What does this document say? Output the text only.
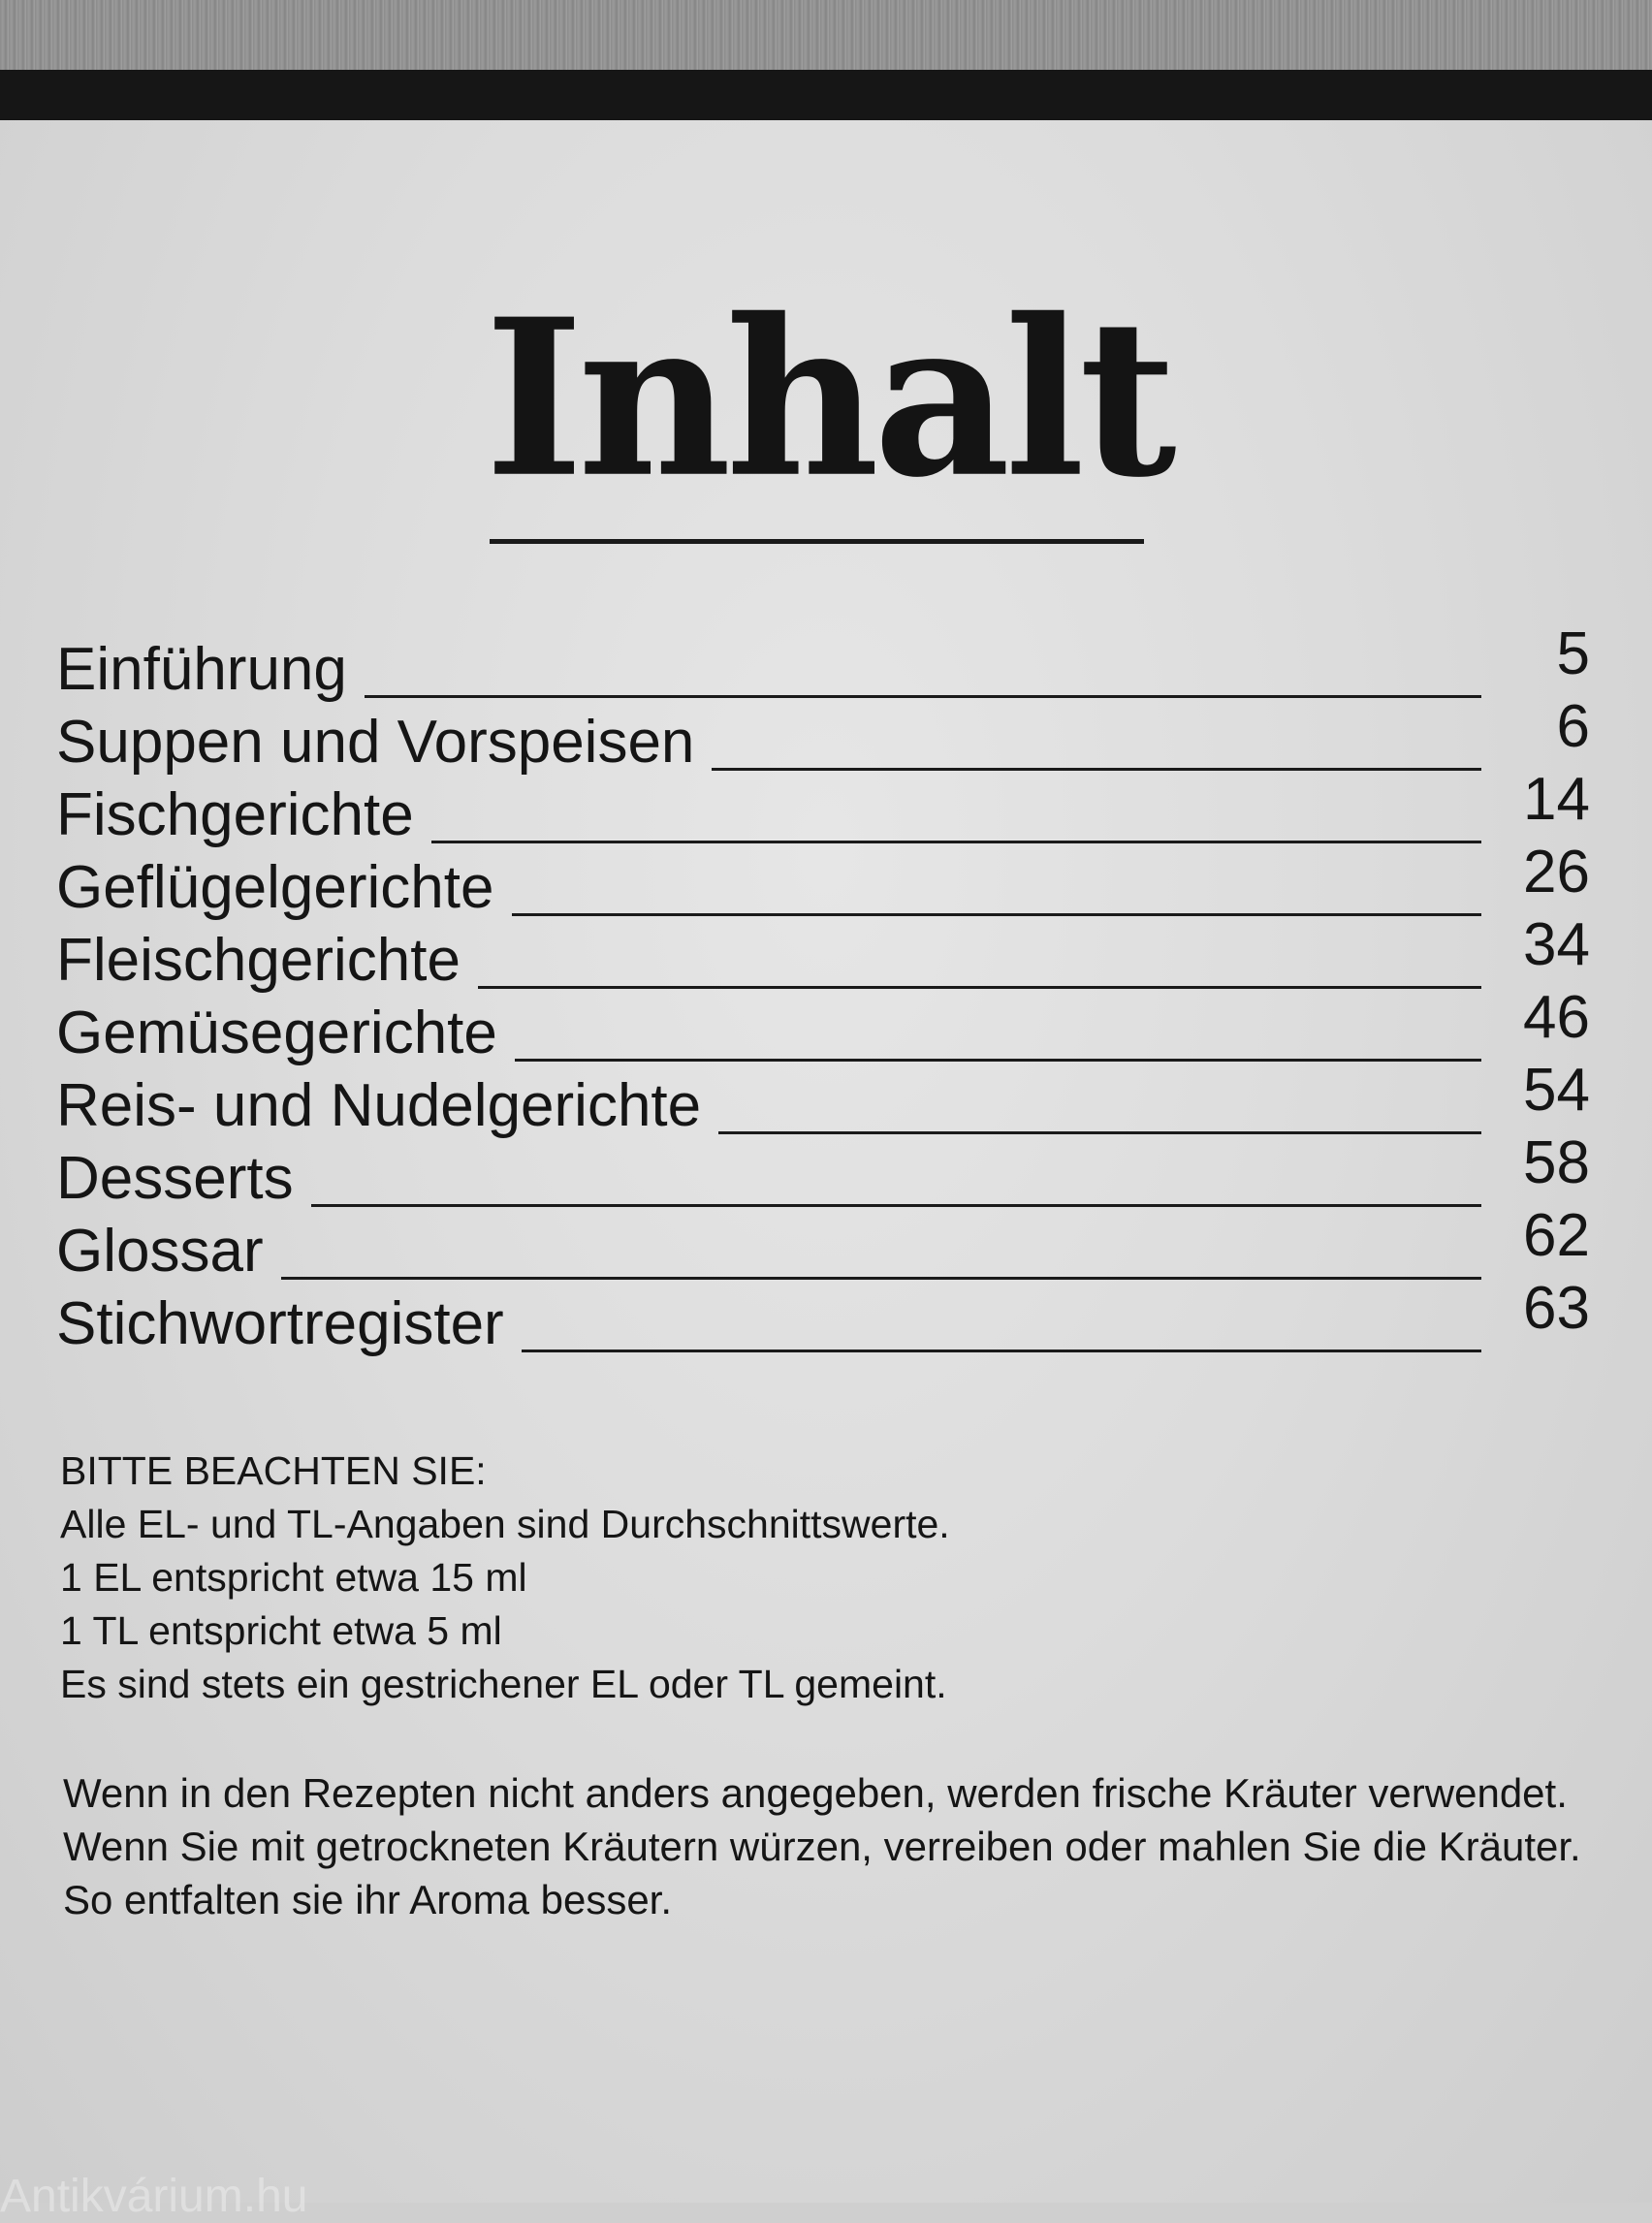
Inhalt
Einführung	5
Suppen und Vorspeisen	6
Fischgerichte	14
Geflügelgerichte	26
Fleischgerichte	34
Gemüsegerichte	46
Reis- und Nudelgerichte	54
Desserts	58
Glossar	62
Stichwortregister	63

BITTE BEACHTEN SIE:

Alle EL- und TL-Angaben sind Durchschnittswerte.

1 EL entspricht etwa 15 ml

1 TL entspricht etwa 5 ml

Es sind stets ein gestrichener EL oder TL gemeint.

Wenn in den Rezepten nicht anders angegeben, werden frische Kräuter verwendet. Wenn Sie mit getrockneten Kräutern würzen, verreiben oder mahlen Sie die Kräuter. So entfalten sie ihr Aroma besser.

Antikvárium.hu
